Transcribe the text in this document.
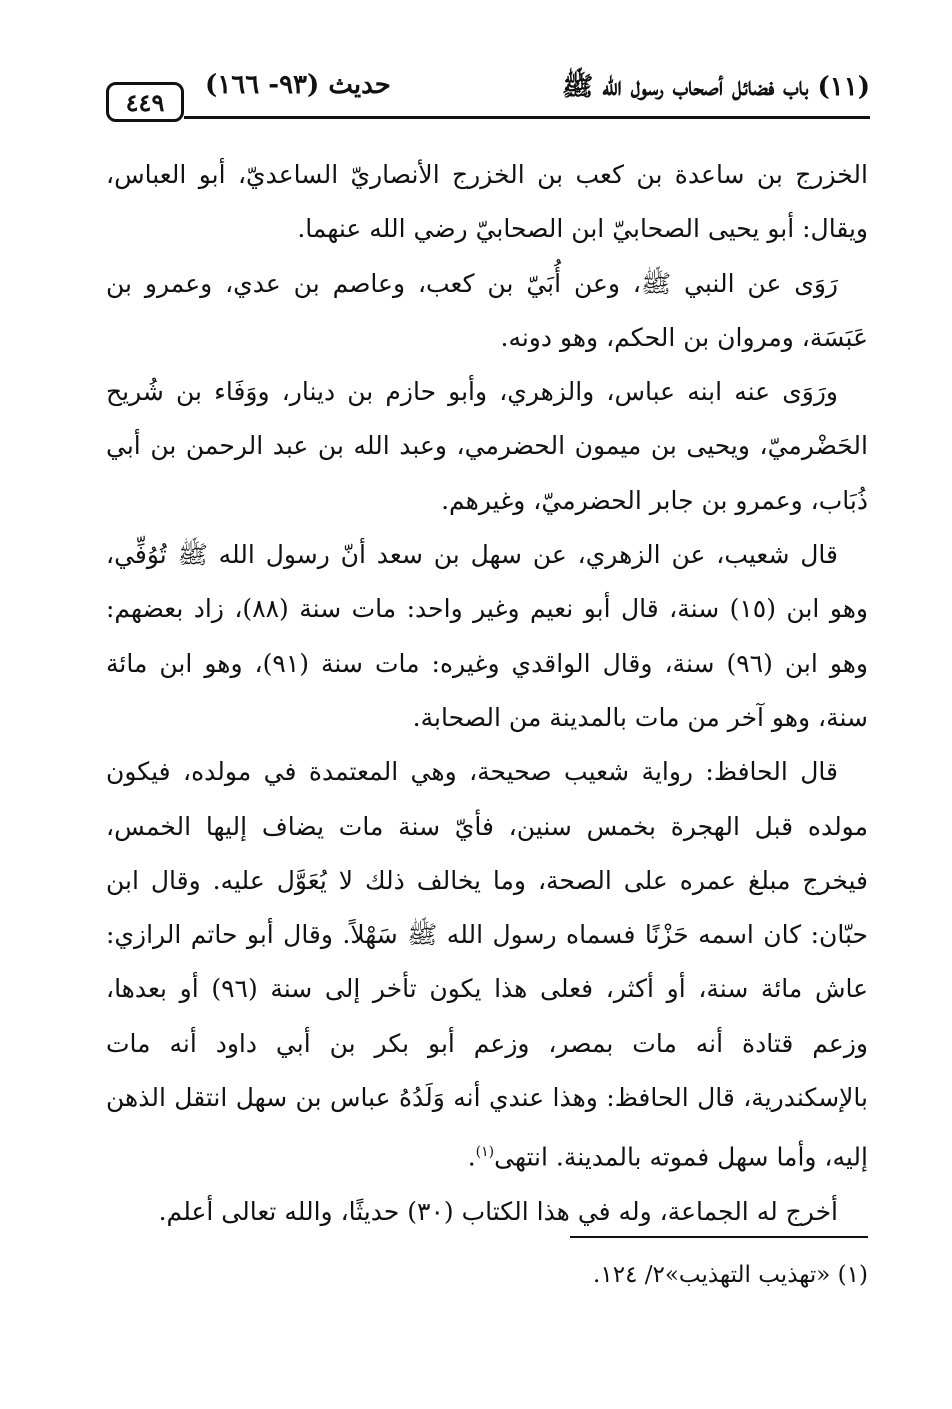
(١١) باب فضائل أصحاب رسول الله ﷺ
حديث (٩٣- ١٦٦)
٤٤٩

الخزرج بن ساعدة بن كعب بن الخزرج الأنصاريّ الساعديّ، أبو العباس، ويقال: أبو يحيى الصحابيّ ابن الصحابيّ رضي الله عنهما.

رَوَى عن النبي ﷺ، وعن أُبَيّ بن كعب، وعاصم بن عدي، وعمرو بن عَبَسَة، ومروان بن الحكم، وهو دونه.

ورَوَى عنه ابنه عباس، والزهري، وأبو حازم بن دينار، ووَفَاء بن شُريح الحَضْرميّ، ويحيى بن ميمون الحضرمي، وعبد الله بن عبد الرحمن بن أبي ذُبَاب، وعمرو بن جابر الحضرميّ، وغيرهم.

قال شعيب، عن الزهري، عن سهل بن سعد أنّ رسول الله ﷺ تُوُفِّي، وهو ابن (١٥) سنة، قال أبو نعيم وغير واحد: مات سنة (٨٨)، زاد بعضهم: وهو ابن (٩٦) سنة، وقال الواقدي وغيره: مات سنة (٩١)، وهو ابن مائة سنة، وهو آخر من مات بالمدينة من الصحابة.

قال الحافظ: رواية شعيب صحيحة، وهي المعتمدة في مولده، فيكون مولده قبل الهجرة بخمس سنين، فأيّ سنة مات يضاف إليها الخمس، فيخرج مبلغ عمره على الصحة، وما يخالف ذلك لا يُعَوَّل عليه. وقال ابن حبّان: كان اسمه حَزْنًا فسماه رسول الله ﷺ سَهْلاً. وقال أبو حاتم الرازي: عاش مائة سنة، أو أكثر، فعلى هذا يكون تأخر إلى سنة (٩٦) أو بعدها، وزعم قتادة أنه مات بمصر، وزعم أبو بكر بن أبي داود أنه مات بالإسكندرية، قال الحافظ: وهذا عندي أنه وَلَدُهُ عباس بن سهل انتقل الذهن إليه، وأما سهل فموته بالمدينة. انتهى$^{(١)}$.

أخرج له الجماعة، وله في هذا الكتاب (٣٠) حديثًا، والله تعالى أعلم.

(١) «تهذيب التهذيب»٢/ ١٢٤.
